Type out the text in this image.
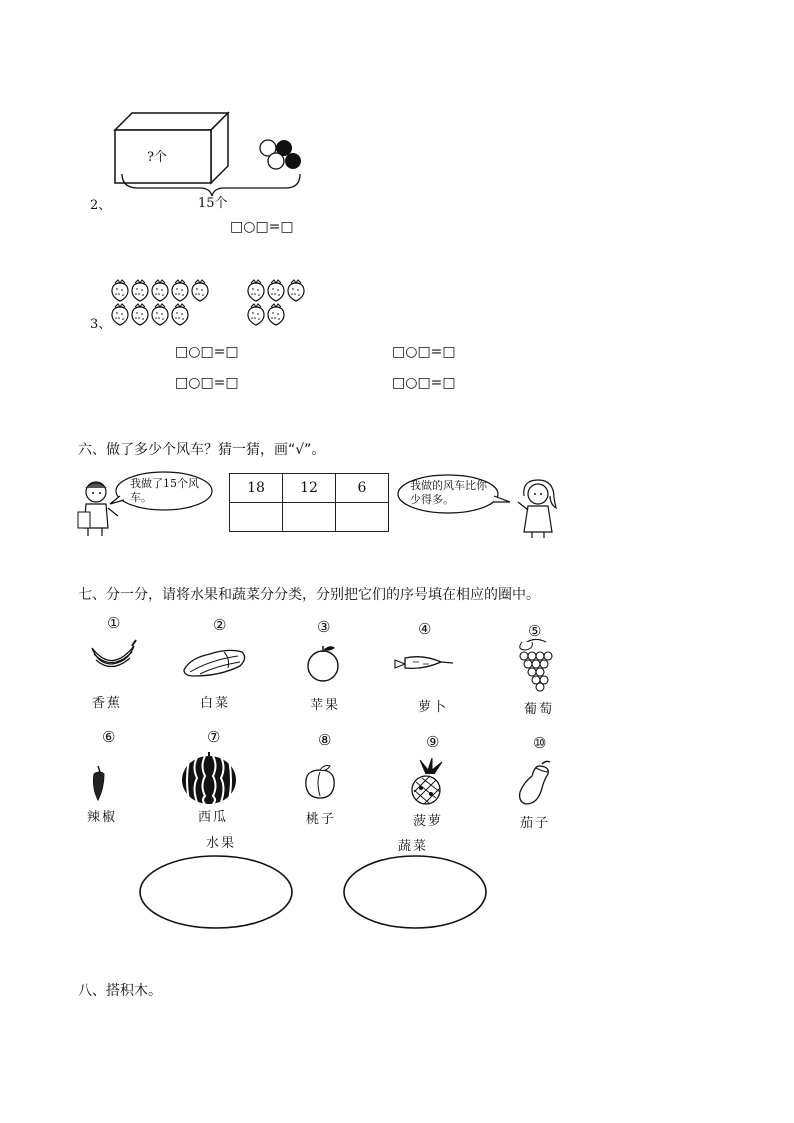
?个
15个
2、
□○□=□
3、
□○□=□	□○□=□
□○□=□	□○□=□
六、做了多少个风车？猜一猜，画“√”。
我做了15个风车。
18	12	6
			我做的风车比你少得多。
七、分一分，请将水果和蔬菜分分类，分别把它们的序号填在相应的圈中。
①
香蕉
②
白菜
③
苹果
④
萝卜
⑤
葡萄
⑥
辣椒
⑦
西瓜
⑧
桃子
⑨
菠萝
⑩
茄子
水果	蔬菜
八、搭积木。
